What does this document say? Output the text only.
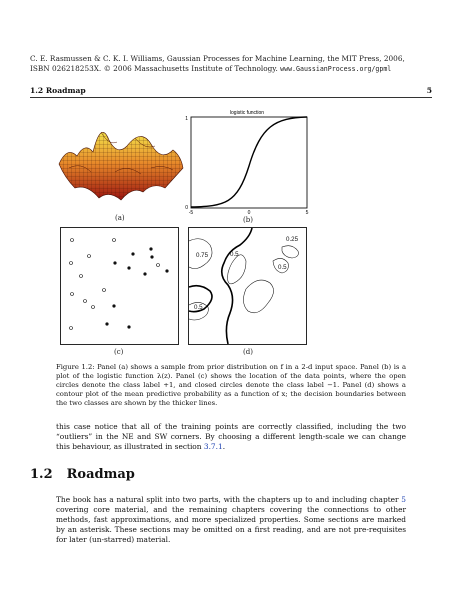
C. E. Rasmussen & C. K. I. Williams, Gaussian Processes for Machine Learning, the MIT Press, 2006,
ISBN 026218253X. © 2006 Massachusetts Institute of Technology. www.GaussianProcess.org/gpml
1.2 Roadmap	5
(a)
logistic function
1
0
-5	0	5
(b)
(c)
0.25
0.75	0.5
0.5
0.5
(d)
Figure 1.2: Panel (a) shows a sample from prior distribution on f in a 2-d input space. Panel (b) is a plot of the logistic function λ(z). Panel (c) shows the location of the data points, where the open circles denote the class label +1, and closed circles denote the class label −1. Panel (d) shows a contour plot of the mean predictive probability as a function of x; the decision boundaries between the two classes are shown by the thicker lines.
this case notice that all of the training points are correctly classified, including the two “outliers” in the NE and SW corners. By choosing a different length-scale we can change this behaviour, as illustrated in section 3.7.1.
1.2 Roadmap
The book has a natural split into two parts, with the chapters up to and including chapter 5 covering core material, and the remaining chapters covering the connections to other methods, fast approximations, and more specialized properties. Some sections are marked by an asterisk. These sections may be omitted on a first reading, and are not pre-requisites for later (un-starred) material.
